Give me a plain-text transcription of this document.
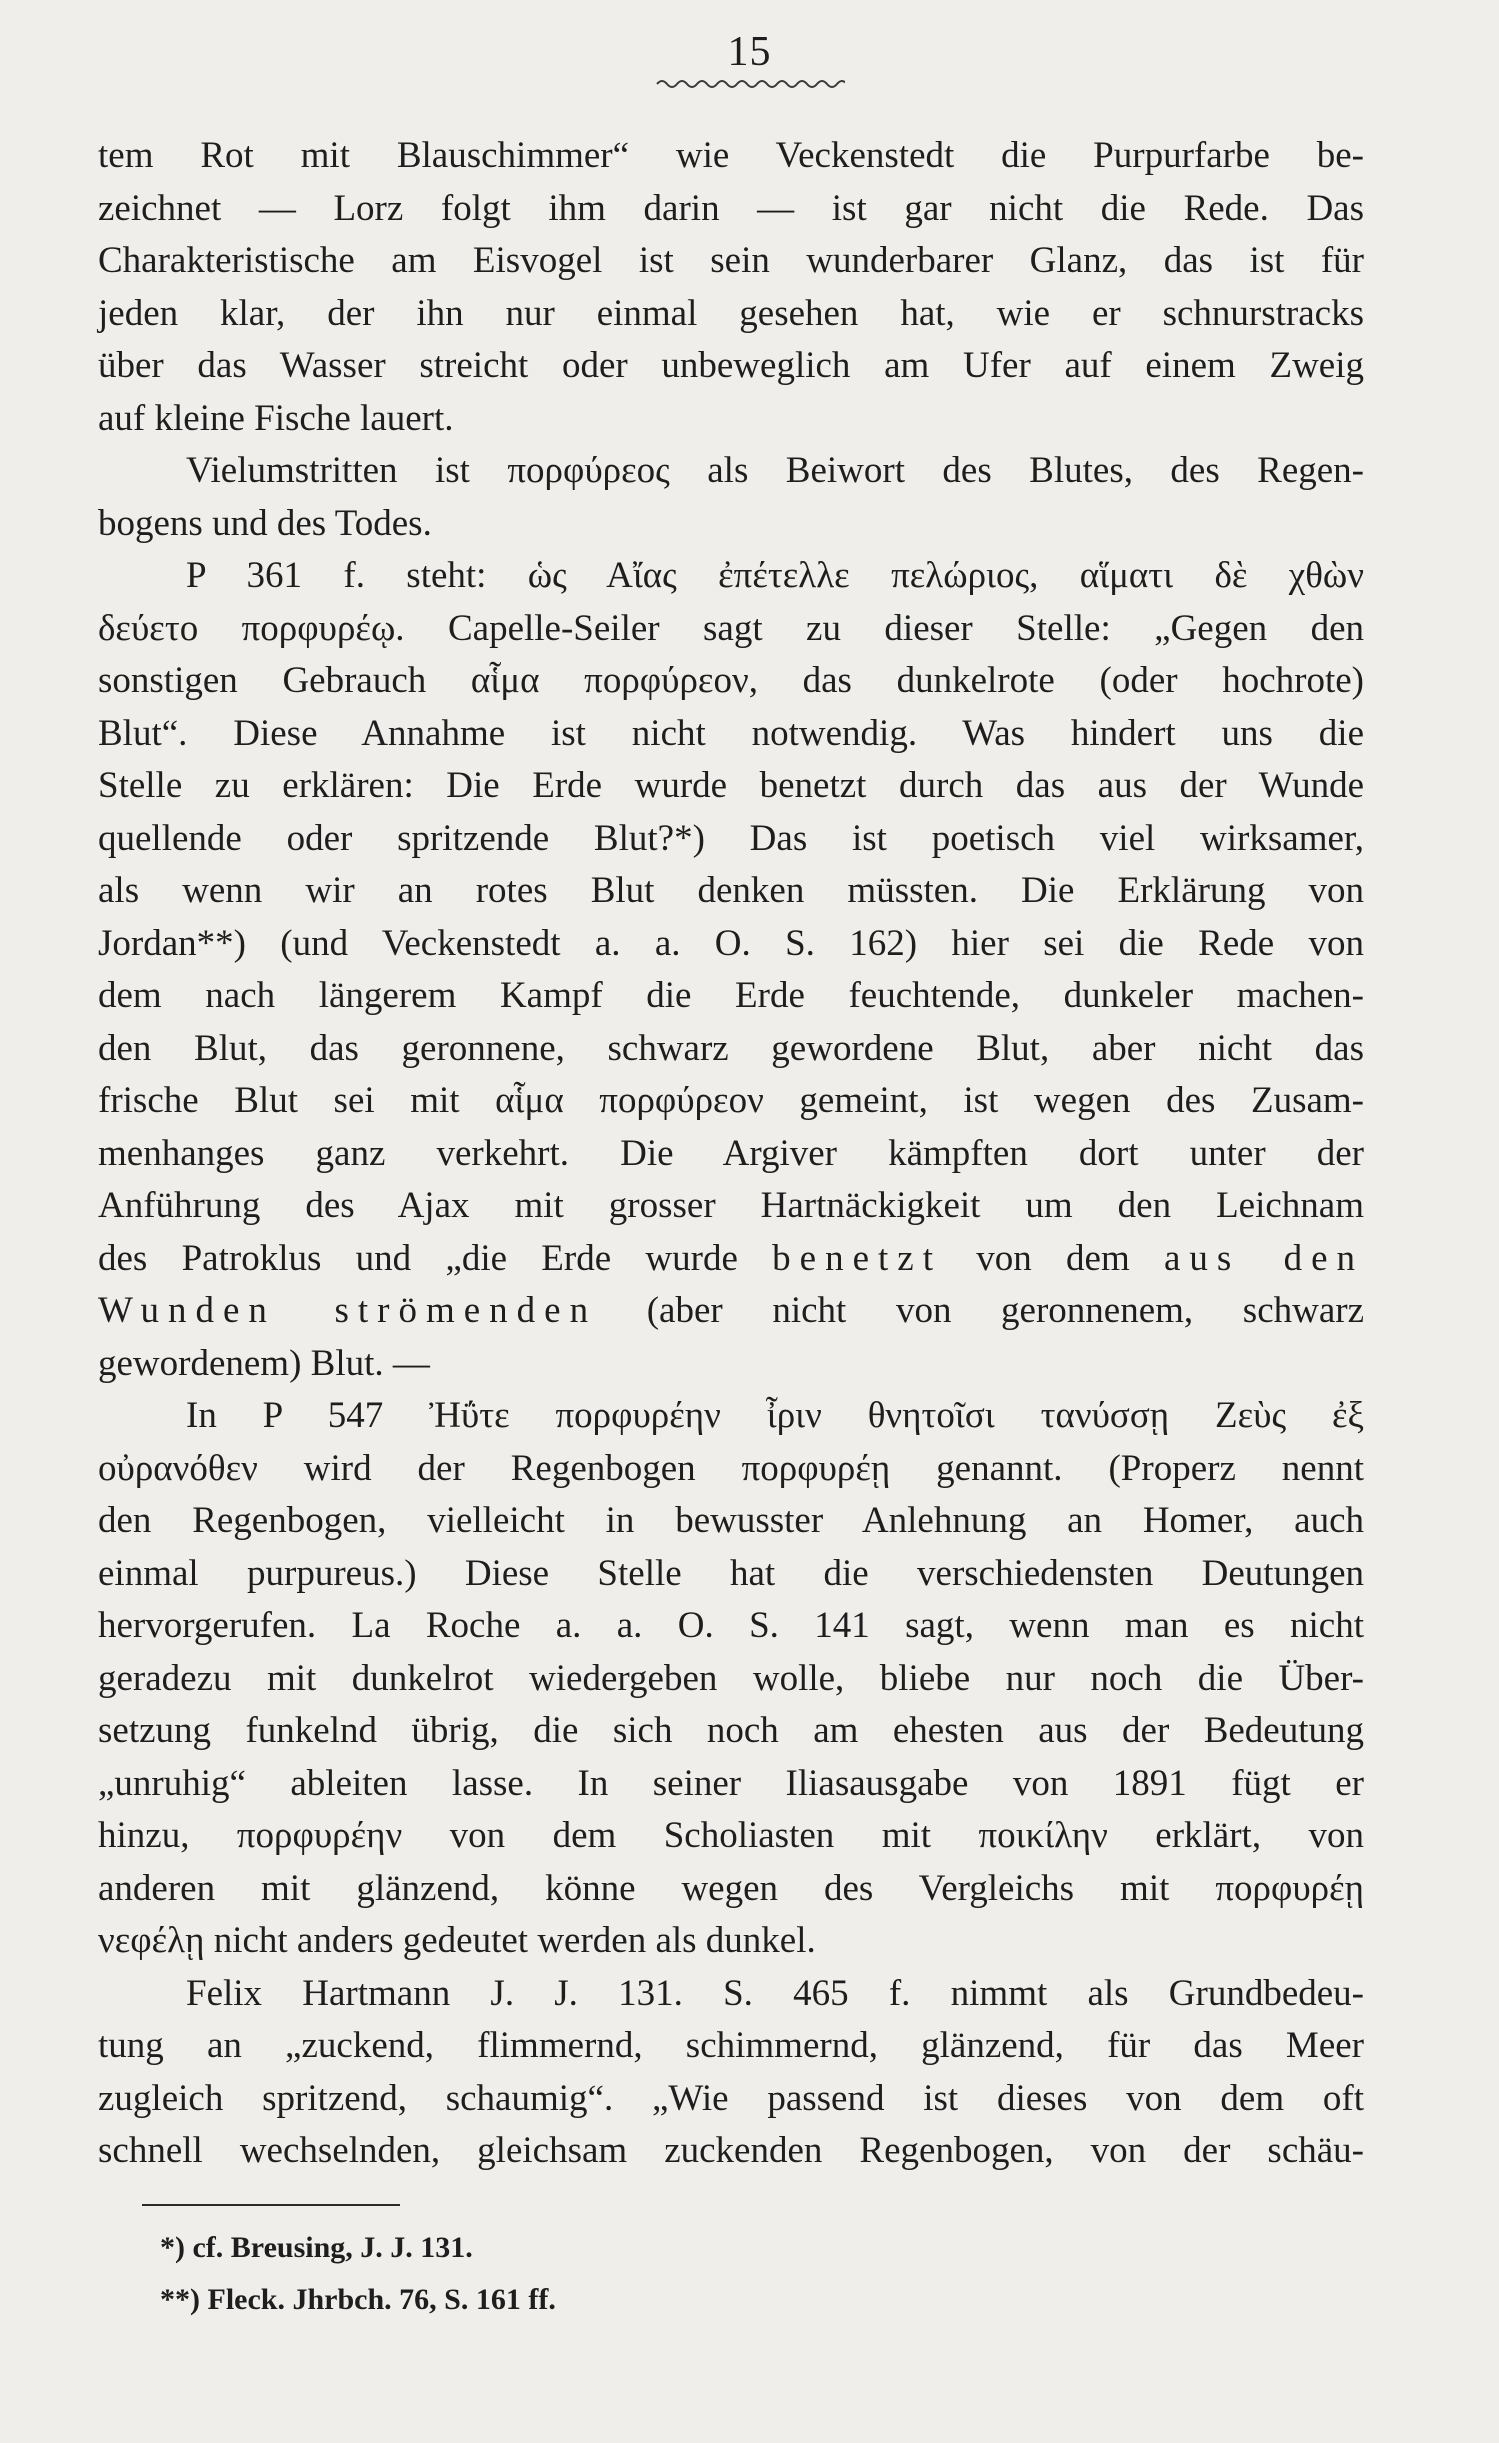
15
tem Rot mit Blauschimmer“ wie Veckenstedt die Purpurfarbe be-
zeichnet — Lorz folgt ihm darin — ist gar nicht die Rede. Das
Charakteristische am Eisvogel ist sein wunderbarer Glanz, das ist für
jeden klar, der ihn nur einmal gesehen hat, wie er schnurstracks
über das Wasser streicht oder unbeweglich am Ufer auf einem Zweig
auf kleine Fische lauert.
Vielumstritten ist πορφύρεος als Beiwort des Blutes, des Regen-
bogens und des Todes.
P 361 f. steht: ὡς Αἴας ἐπέτελλε πελώριος, αἵματι δὲ χθὼν
δεύετο πορφυρέῳ. Capelle-Seiler sagt zu dieser Stelle: „Gegen den
sonstigen Gebrauch αἷμα πορφύρεον, das dunkelrote (oder hochrote)
Blut“. Diese Annahme ist nicht notwendig. Was hindert uns die
Stelle zu erklären: Die Erde wurde benetzt durch das aus der Wunde
quellende oder spritzende Blut?*) Das ist poetisch viel wirksamer,
als wenn wir an rotes Blut denken müssten. Die Erklärung von
Jordan**) (und Veckenstedt a. a. O. S. 162) hier sei die Rede von
dem nach längerem Kampf die Erde feuchtende, dunkeler machen-
den Blut, das geronnene, schwarz gewordene Blut, aber nicht das
frische Blut sei mit αἷμα πορφύρεον gemeint, ist wegen des Zusam-
menhanges ganz verkehrt. Die Argiver kämpften dort unter der
Anführung des Ajax mit grosser Hartnäckigkeit um den Leichnam
des Patroklus und „die Erde wurde benetzt von dem aus den
Wunden strömenden (aber nicht von geronnenem, schwarz
gewordenem) Blut. —
In P 547 Ἠΰτε πορφυρέην ἶριν θνητοῖσι τανύσσῃ Ζεὺς ἐξ
οὐρανόθεν wird der Regenbogen πορφυρέῃ genannt. (Properz nennt
den Regenbogen, vielleicht in bewusster Anlehnung an Homer, auch
einmal purpureus.) Diese Stelle hat die verschiedensten Deutungen
hervorgerufen. La Roche a. a. O. S. 141 sagt, wenn man es nicht
geradezu mit dunkelrot wiedergeben wolle, bliebe nur noch die Über-
setzung funkelnd übrig, die sich noch am ehesten aus der Bedeutung
„unruhig“ ableiten lasse. In seiner Iliasausgabe von 1891 fügt er
hinzu, πορφυρέην von dem Scholiasten mit ποικίλην erklärt, von
anderen mit glänzend, könne wegen des Vergleichs mit πορφυρέῃ
νεφέλῃ nicht anders gedeutet werden als dunkel.
Felix Hartmann J. J. 131. S. 465 f. nimmt als Grundbedeu-
tung an „zuckend, flimmernd, schimmernd, glänzend, für das Meer
zugleich spritzend, schaumig“. „Wie passend ist dieses von dem oft
schnell wechselnden, gleichsam zuckenden Regenbogen, von der schäu-
*) cf. Breusing, J. J. 131.
**) Fleck. Jhrbch. 76, S. 161 ff.
